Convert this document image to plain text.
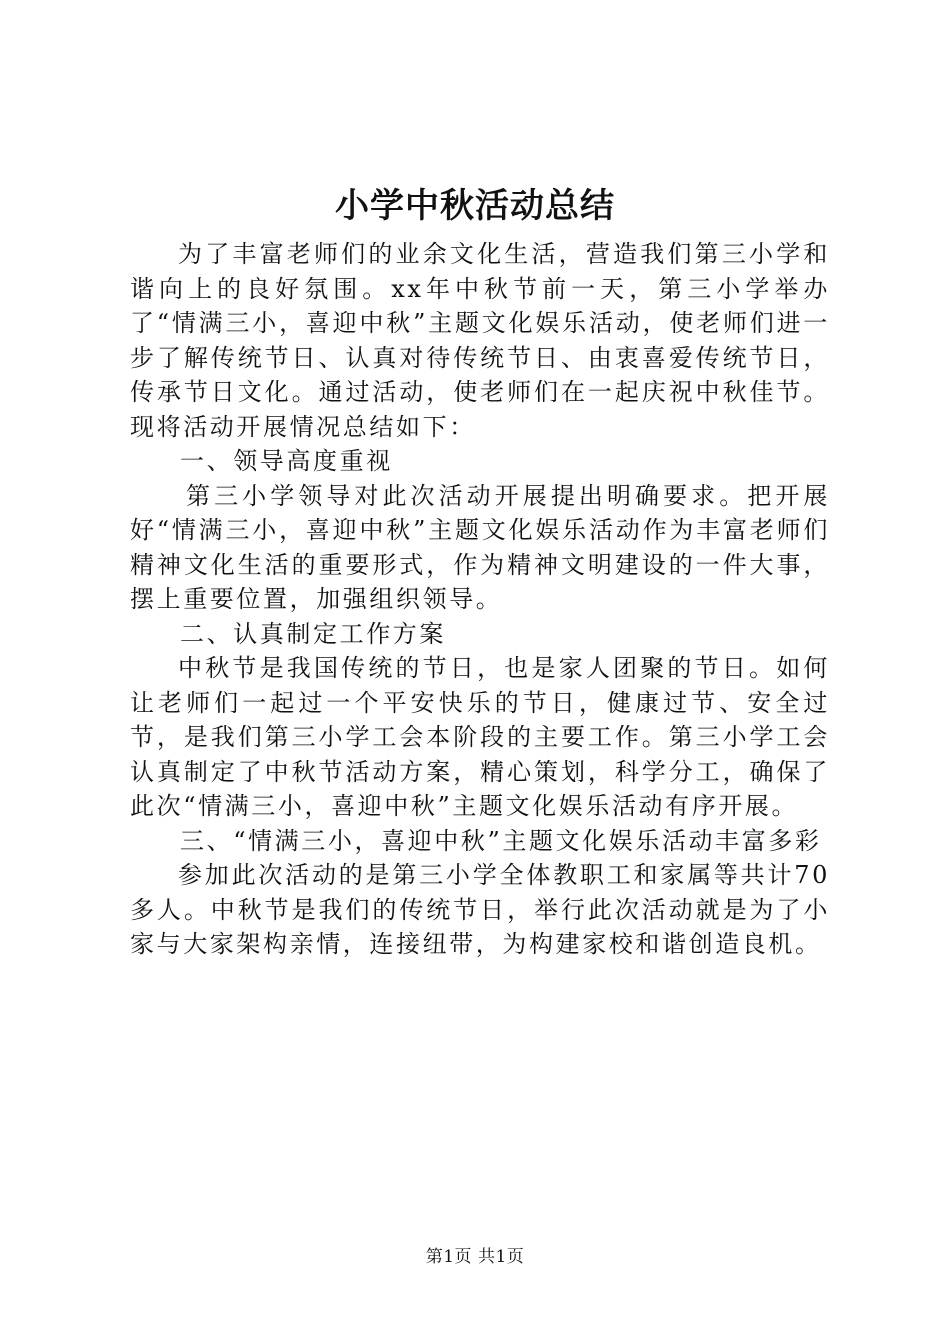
小学中秋活动总结

为了丰富老师们的业余文化生活，营造我们第三小学和谐向上的良好氛围。xx年中秋节前一天，第三小学举办了“情满三小，喜迎中秋”主题文化娱乐活动，使老师们进一步了解传统节日、认真对待传统节日、由衷喜爱传统节日，传承节日文化。通过活动，使老师们在一起庆祝中秋佳节。现将活动开展情况总结如下：

一、领导高度重视

第三小学领导对此次活动开展提出明确要求。把开展好“情满三小，喜迎中秋”主题文化娱乐活动作为丰富老师们精神文化生活的重要形式，作为精神文明建设的一件大事，摆上重要位置，加强组织领导。

二、认真制定工作方案

中秋节是我国传统的节日，也是家人团聚的节日。如何让老师们一起过一个平安快乐的节日，健康过节、安全过节，是我们第三小学工会本阶段的主要工作。第三小学工会认真制定了中秋节活动方案，精心策划，科学分工，确保了此次“情满三小，喜迎中秋”主题文化娱乐活动有序开展。

三、“情满三小，喜迎中秋”主题文化娱乐活动丰富多彩

参加此次活动的是第三小学全体教职工和家属等共计70多人。中秋节是我们的传统节日，举行此次活动就是为了小家与大家架构亲情，连接纽带，为构建家校和谐创造良机。

第1页 共1页
